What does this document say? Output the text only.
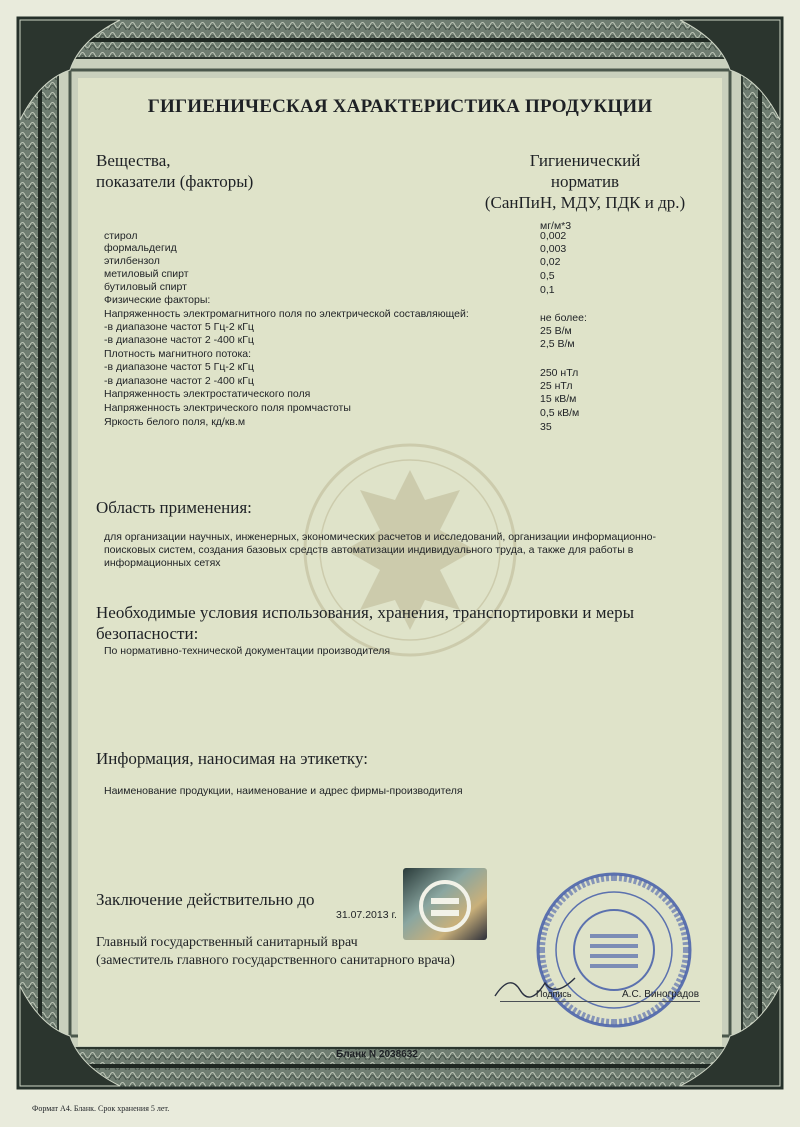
ГИГИЕНИЧЕСКАЯ ХАРАКТЕРИСТИКА ПРОДУКЦИИ
Вещества,
показатели (факторы)
Гигиенический
норматив
(СанПиН, МДУ, ПДК и др.)
мг/м*3
стирол	0,002
формальдегид	0,003
этилбензол	0,02
метиловый спирт	0,5
бутиловый спирт	0,1
Физические факторы:
Напряженность электромагнитного поля по электрической составляющей:	не более:
-в диапазоне частот 5 Гц-2 кГц	25 В/м
-в диапазоне частот 2 -400 кГц	2,5 В/м
Плотность магнитного потока:
-в диапазоне частот 5 Гц-2 кГц	250 нТл
-в диапазоне частот 2 -400 кГц	25 нТл
Напряженность электростатического поля	15 кВ/м
Напряженность электрического поля промчастоты	0,5 кВ/м
Яркость белого поля, кд/кв.м	35
Область применения:
для организации научных, инженерных, экономических расчетов и исследований, организации информационно-поисковых систем, создания базовых средств автоматизации индивидуального труда, а также для работы в информационных сетях
Необходимые условия использования, хранения, транспортировки и меры
безопасности:
По нормативно-технической документации производителя
Информация, наносимая на этикетку:
Наименование продукции, наименование и адрес фирмы-производителя
Заключение действительно до
31.07.2013 г.
Главный государственный санитарный врач
(заместитель главного государственного санитарного врача)
Подпись	А.С. Виноградов
Бланк N 2038632
Формат А4. Бланк. Срок хранения 5 лет.
